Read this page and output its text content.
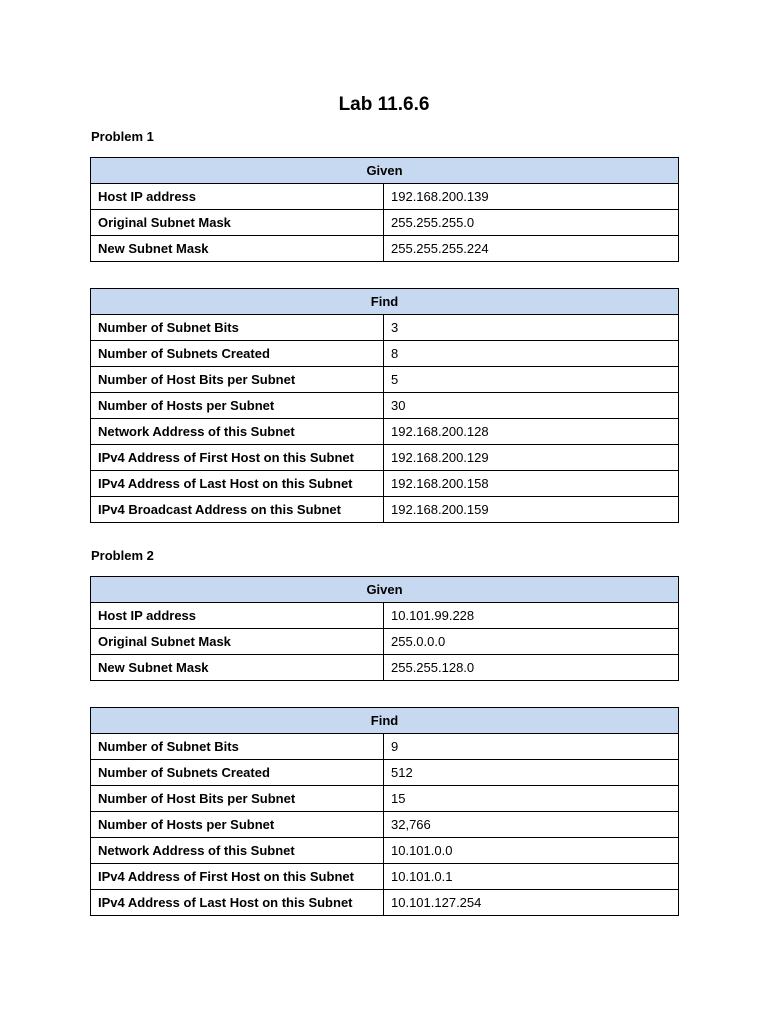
Lab 11.6.6
Problem 1
Given	
Host IP address	192.168.200.139
Original Subnet Mask	255.255.255.0
New Subnet Mask	255.255.255.224
Find	
Number of Subnet Bits	3
Number of Subnets Created	8
Number of Host Bits per Subnet	5
Number of Hosts per Subnet	30
Network Address of this Subnet	192.168.200.128
IPv4 Address of First Host on this Subnet	192.168.200.129
IPv4 Address of Last Host on this Subnet	192.168.200.158
IPv4 Broadcast Address on this Subnet	192.168.200.159
Problem 2
Given	
Host IP address	10.101.99.228
Original Subnet Mask	255.0.0.0
New Subnet Mask	255.255.128.0
Find	
Number of Subnet Bits	9
Number of Subnets Created	512
Number of Host Bits per Subnet	15
Number of Hosts per Subnet	32,766
Network Address of this Subnet	10.101.0.0
IPv4 Address of First Host on this Subnet	10.101.0.1
IPv4 Address of Last Host on this Subnet	10.101.127.254
